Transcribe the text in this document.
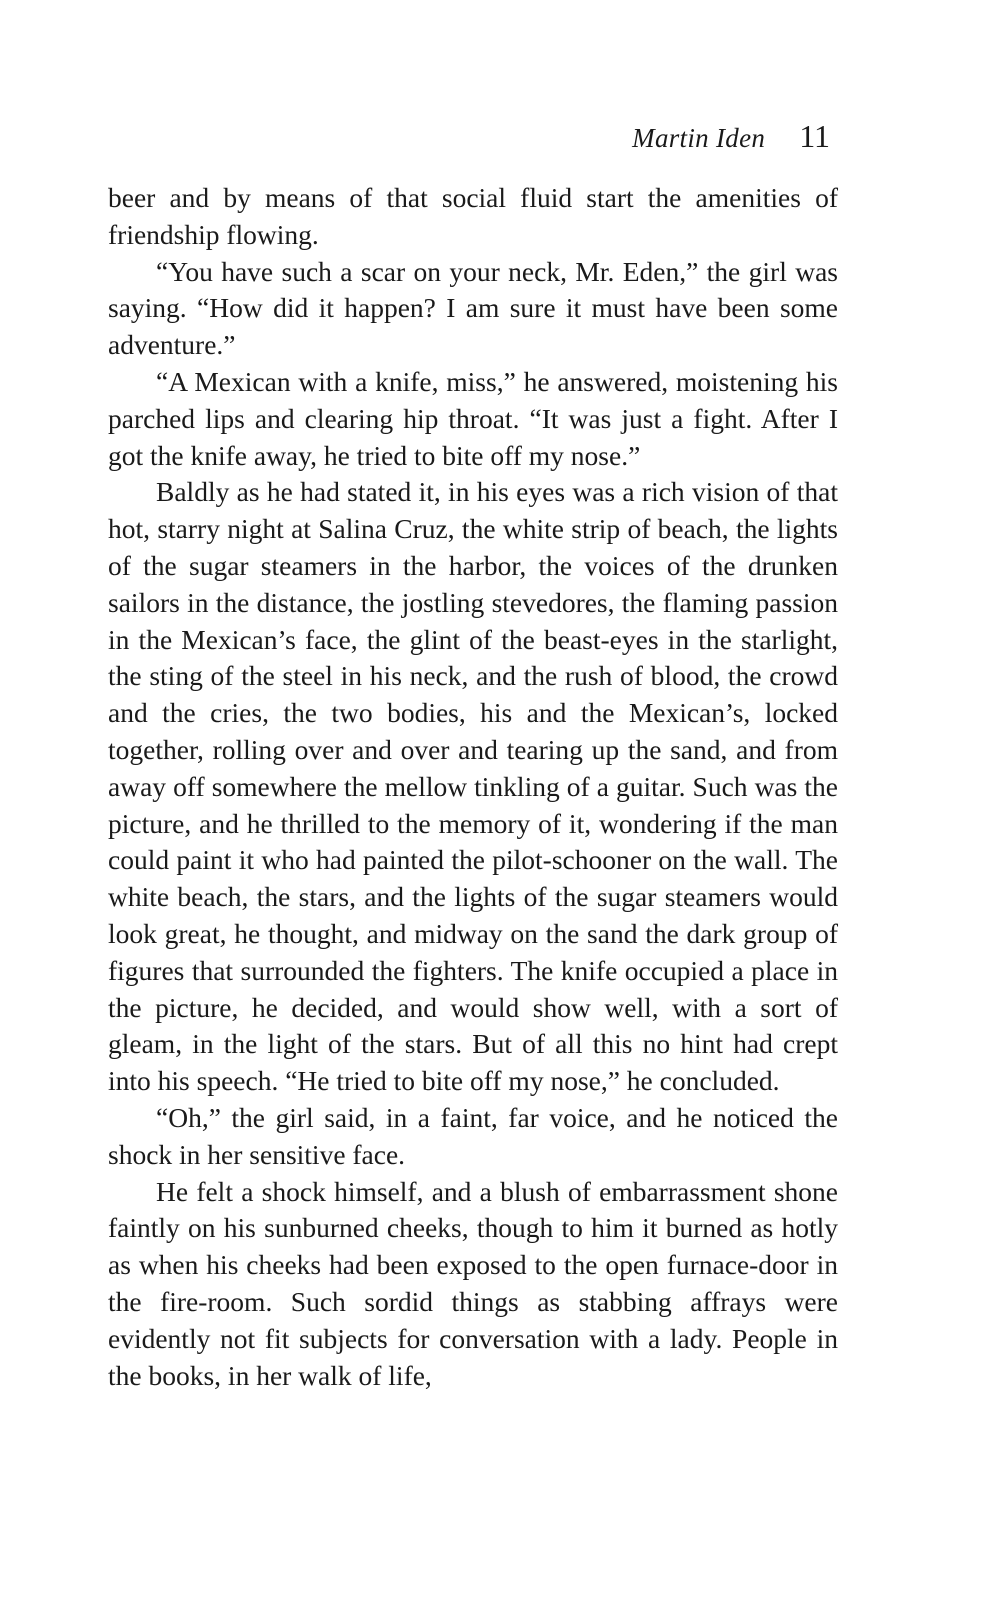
Martin Iden 11

beer and by means of that social fluid start the amenities of friendship flowing.

“You have such a scar on your neck, Mr. Eden,” the girl was saying. “How did it happen? I am sure it must have been some adventure.”

“A Mexican with a knife, miss,” he answered, moistening his parched lips and clearing hip throat. “It was just a fight. After I got the knife away, he tried to bite off my nose.”

Baldly as he had stated it, in his eyes was a rich vision of that hot, starry night at Salina Cruz, the white strip of beach, the lights of the sugar steamers in the harbor, the voices of the drunken sailors in the distance, the jostling stevedores, the flaming passion in the Mexican’s face, the glint of the beast-eyes in the starlight, the sting of the steel in his neck, and the rush of blood, the crowd and the cries, the two bodies, his and the Mexican’s, locked together, rolling over and over and tearing up the sand, and from away off somewhere the mellow tinkling of a guitar. Such was the picture, and he thrilled to the memory of it, wondering if the man could paint it who had painted the pilot-schooner on the wall. The white beach, the stars, and the lights of the sugar steamers would look great, he thought, and midway on the sand the dark group of figures that surrounded the fighters. The knife occupied a place in the picture, he decided, and would show well, with a sort of gleam, in the light of the stars. But of all this no hint had crept into his speech. “He tried to bite off my nose,” he concluded.

“Oh,” the girl said, in a faint, far voice, and he noticed the shock in her sensitive face.

He felt a shock himself, and a blush of embarrassment shone faintly on his sunburned cheeks, though to him it burned as hotly as when his cheeks had been exposed to the open furnace-door in the fire-room. Such sordid things as stabbing affrays were evidently not fit subjects for conversation with a lady. People in the books, in her walk of life,
